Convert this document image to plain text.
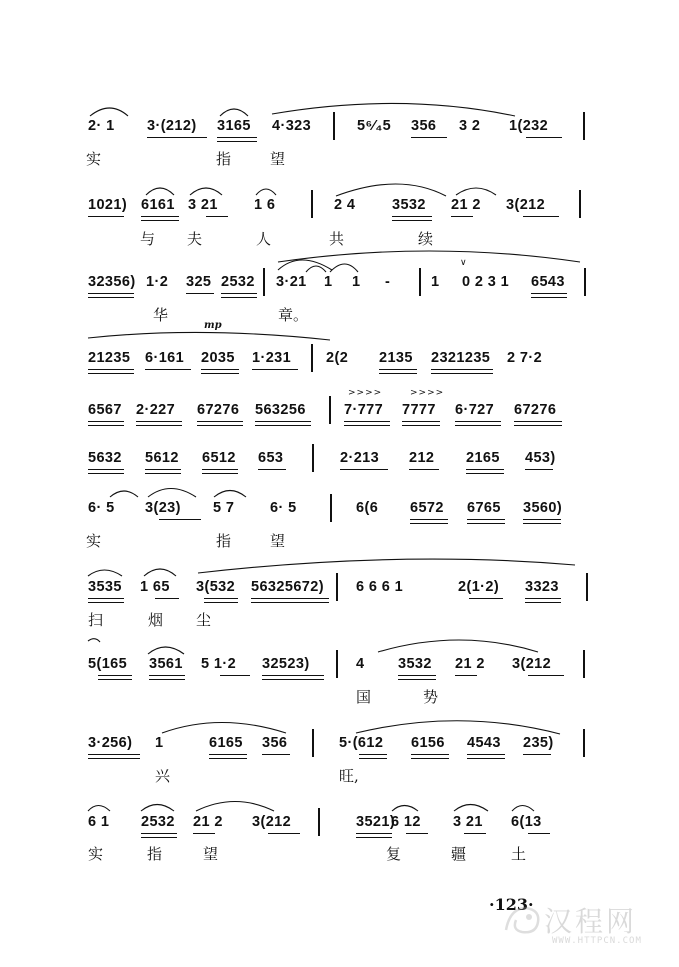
2· 1 3·(212) 3165 4·323	5⁶⁄₄5 356 3 2 1(232
实	指	望
1021) 6161 3 21 1 6	2 4	3532 21 2 3(212
与 夫	人	共	续
32356) 1·2 325 2532 3·21 1 1 -	1 0 2 3 1 6543
∨
华	章。
mp
21235 6·161 2035 1·231 2(2 2135 2321235 2 7·2
>>>>	>>>>
6567 2·227 67276 563256	7·777 7777 6·727 67276
5632 5612 6512 653	2·213 212 2165 453)
6· 5 3(23) 5 7 6· 5	6(6 6572 6765 3560)
实	指	望
3535 1 65 3(532 56325672) 6 6 6 1	2(1·2) 3323
扫	烟 尘
5(165 3561 5 1·2 32523)	4 3532 21 2 3(212
国	势
3·256) 1	6165 356	5·(612 6156 4543 235)
兴	旺,
6 1 2532 21 2 3(212	3521)
6 12 3 21 6(13
实	指	望	复	疆	土
·123·
汉程网
WWW.HTTPCN.COM
